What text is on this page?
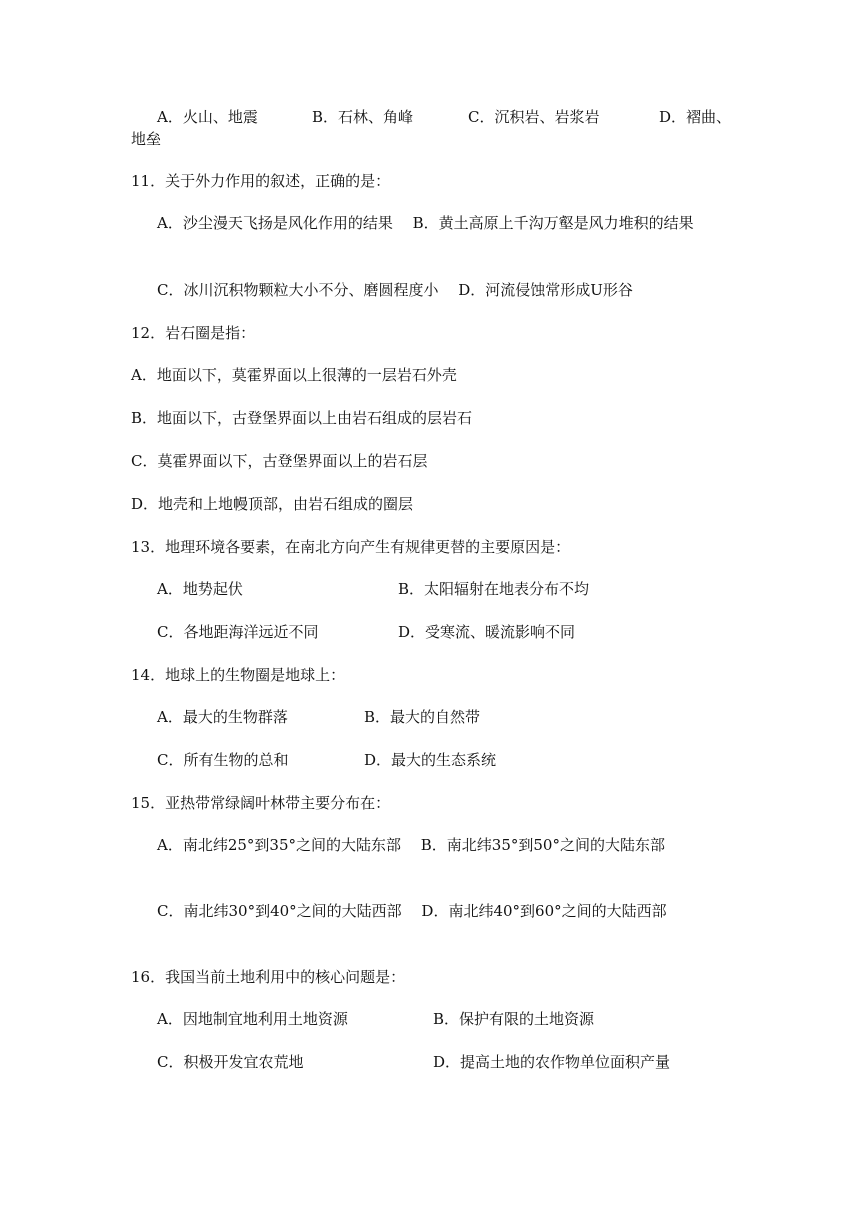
A．火山、地震	B．石林、角峰	C．沉积岩、岩浆岩	D．褶曲、
地垒
11．关于外力作用的叙述，正确的是：
A．沙尘漫天飞扬是风化作用的结果　 B．黄土高原上千沟万壑是风力堆积的结果
C．冰川沉积物颗粒大小不分、磨圆程度小　 D．河流侵蚀常形成U形谷
12．岩石圈是指：
A．地面以下，莫霍界面以上很薄的一层岩石外壳
B．地面以下，古登堡界面以上由岩石组成的层岩石
C．莫霍界面以下，古登堡界面以上的岩石层
D．地壳和上地幔顶部，由岩石组成的圈层
13．地理环境各要素，在南北方向产生有规律更替的主要原因是：
A．地势起伏	B．太阳辐射在地表分布不均
C．各地距海洋远近不同	D．受寒流、暖流影响不同
14．地球上的生物圈是地球上：
A．最大的生物群落	B．最大的自然带
C．所有生物的总和	D．最大的生态系统
15．亚热带常绿阔叶林带主要分布在：
A．南北纬25°到35°之间的大陆东部　 B．南北纬35°到50°之间的大陆东部
C．南北纬30°到40°之间的大陆西部　 D．南北纬40°到60°之间的大陆西部
16．我国当前土地利用中的核心问题是：
A．因地制宜地利用土地资源	B．保护有限的土地资源
C．积极开发宜农荒地	D．提高土地的农作物单位面积产量
